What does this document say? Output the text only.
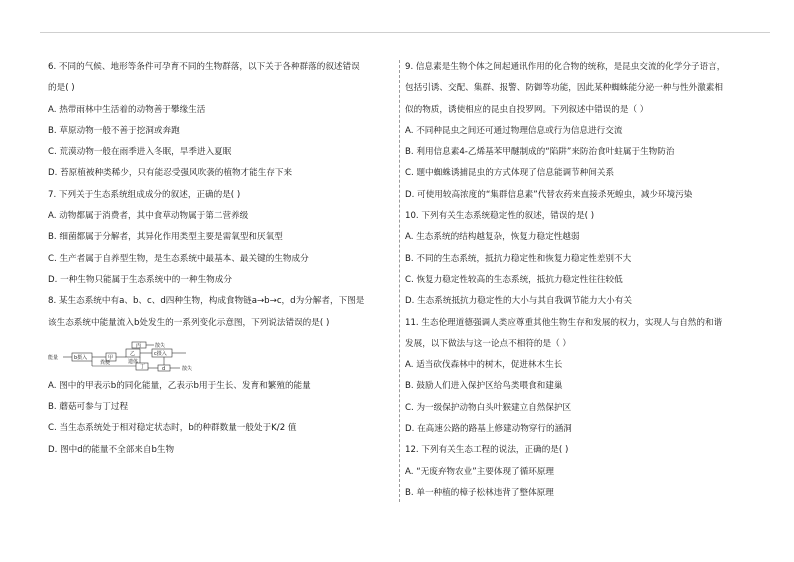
6. 不同的气候、地形等条件可孕育不同的生物群落，以下关于各种群落的叙述错误
的是( )
A. 热带雨林中生活着的动物善于攀缘生活
B. 草原动物一般不善于挖洞或奔跑
C. 荒漠动物一般在雨季进入冬眠，旱季进入夏眠
D. 苔原植被种类稀少，只有能忍受强风吹袭的植物才能生存下来
7. 下列关于生态系统组成成分的叙述，正确的是( )
A. 动物都属于消费者，其中食草动物属于第二营养级
B. 细菌都属于分解者，其异化作用类型主要是需氧型和厌氧型
C. 生产者属于自养型生物，是生态系统中最基本、最关键的生物成分
D. 一种生物只能属于生态系统中的一种生物成分
8. 某生态系统中有a、b、c、d四种生物，构成食物链a→b→c，d为分解者，下图是
该生态系统中能量流入b处发生的一系列变化示意图，下列说法错误的是( )
能量	b摄入	甲
乙
丙	散失
c摄入
粪便	遗体
丁	d	散失
A. 图中的甲表示b的同化能量，乙表示b用于生长、发育和繁殖的能量
B. 蘑菇可参与丁过程
C. 当生态系统处于相对稳定状态时，b的种群数量一般处于K/2 值
D. 图中d的能量不全部来自b生物
9. 信息素是生物个体之间起通讯作用的化合物的统称，是昆虫交流的化学分子语言，
包括引诱、交配、集群、报警、防御等功能，因此某种蜘蛛能分泌一种与性外激素相
似的物质，诱使相应的昆虫自投罗网。下列叙述中错误的是（ ）
A. 不同种昆虫之间还可通过物理信息或行为信息进行交流
B. 利用信息素4-乙烯基苯甲醚制成的“陷阱”来防治食叶蛀属于生物防治
C. 题中蜘蛛诱捕昆虫的方式体现了信息能调节种间关系
D. 可使用较高浓度的“集群信息素”代替农药来直接杀死蝗虫，减少环境污染
10. 下列有关生态系统稳定性的叙述，错误的是( )
A. 生态系统的结构越复杂，恢复力稳定性越弱
B. 不同的生态系统，抵抗力稳定性和恢复力稳定性差别不大
C. 恢复力稳定性较高的生态系统，抵抗力稳定性往往较低
D. 生态系统抵抗力稳定性的大小与其自我调节能力大小有关
11. 生态伦理道德强调人类应尊重其他生物生存和发展的权力，实现人与自然的和谐
发展，以下做法与这一论点不相符的是（ ）
A. 适当砍伐森林中的树木，促进林木生长
B. 鼓励人们进入保护区给鸟类喂食和建巢
C. 为一级保护动物白头叶猴建立自然保护区
D. 在高速公路的路基上修建动物穿行的涵洞
12. 下列有关生态工程的说法，正确的是( )
A. “无废弃物农业”主要体现了循环原理
B. 单一种植的樟子松林违背了整体原理
